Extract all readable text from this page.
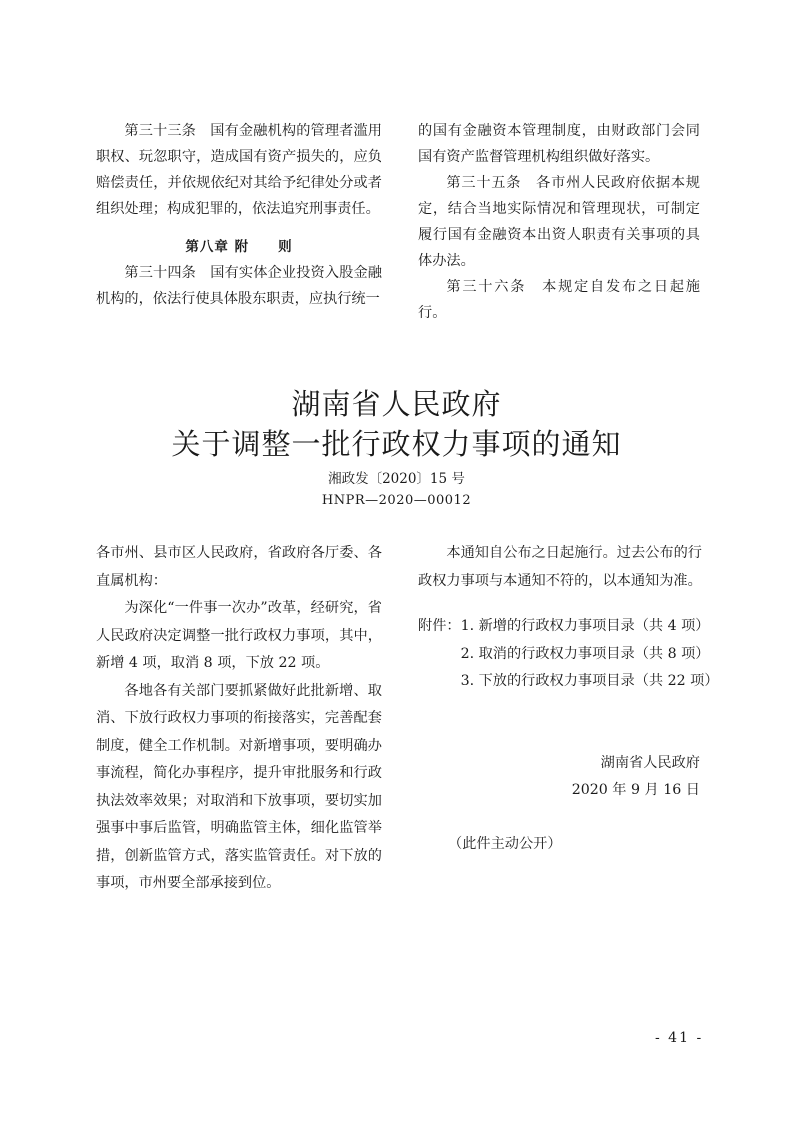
第三十三条　国有金融机构的管理者滥用职权、玩忽职守，造成国有资产损失的，应负赔偿责任，并依规依纪对其给予纪律处分或者组织处理；构成犯罪的，依法追究刑事责任。

第八章 附　　则

第三十四条　国有实体企业投资入股金融机构的，依法行使具体股东职责，应执行统一

的国有金融资本管理制度，由财政部门会同国有资产监督管理机构组织做好落实。

第三十五条　各市州人民政府依据本规定，结合当地实际情况和管理现状，可制定履行国有金融资本出资人职责有关事项的具体办法。

第三十六条　本规定自发布之日起施行。

湖南省人民政府
关于调整一批行政权力事项的通知

湘政发〔2020〕15 号

HNPR—2020—00012

各市州、县市区人民政府，省政府各厅委、各直属机构：

为深化“一件事一次办”改革，经研究，省人民政府决定调整一批行政权力事项，其中，新增 4 项，取消 8 项，下放 22 项。

各地各有关部门要抓紧做好此批新增、取消、下放行政权力事项的衔接落实，完善配套制度，健全工作机制。对新增事项，要明确办事流程，简化办事程序，提升审批服务和行政执法效率效果；对取消和下放事项，要切实加强事中事后监管，明确监管主体，细化监管举措，创新监管方式，落实监管责任。对下放的事项，市州要全部承接到位。

本通知自公布之日起施行。过去公布的行政权力事项与本通知不符的，以本通知为准。

附件： 1. 新增的行政权力事项目录（共 4 项）
2. 取消的行政权力事项目录（共 8 项）
3. 下放的行政权力事项目录（共 22 项）

湖南省人民政府

2020 年 9 月 16 日

（此件主动公开）

- 41 -
